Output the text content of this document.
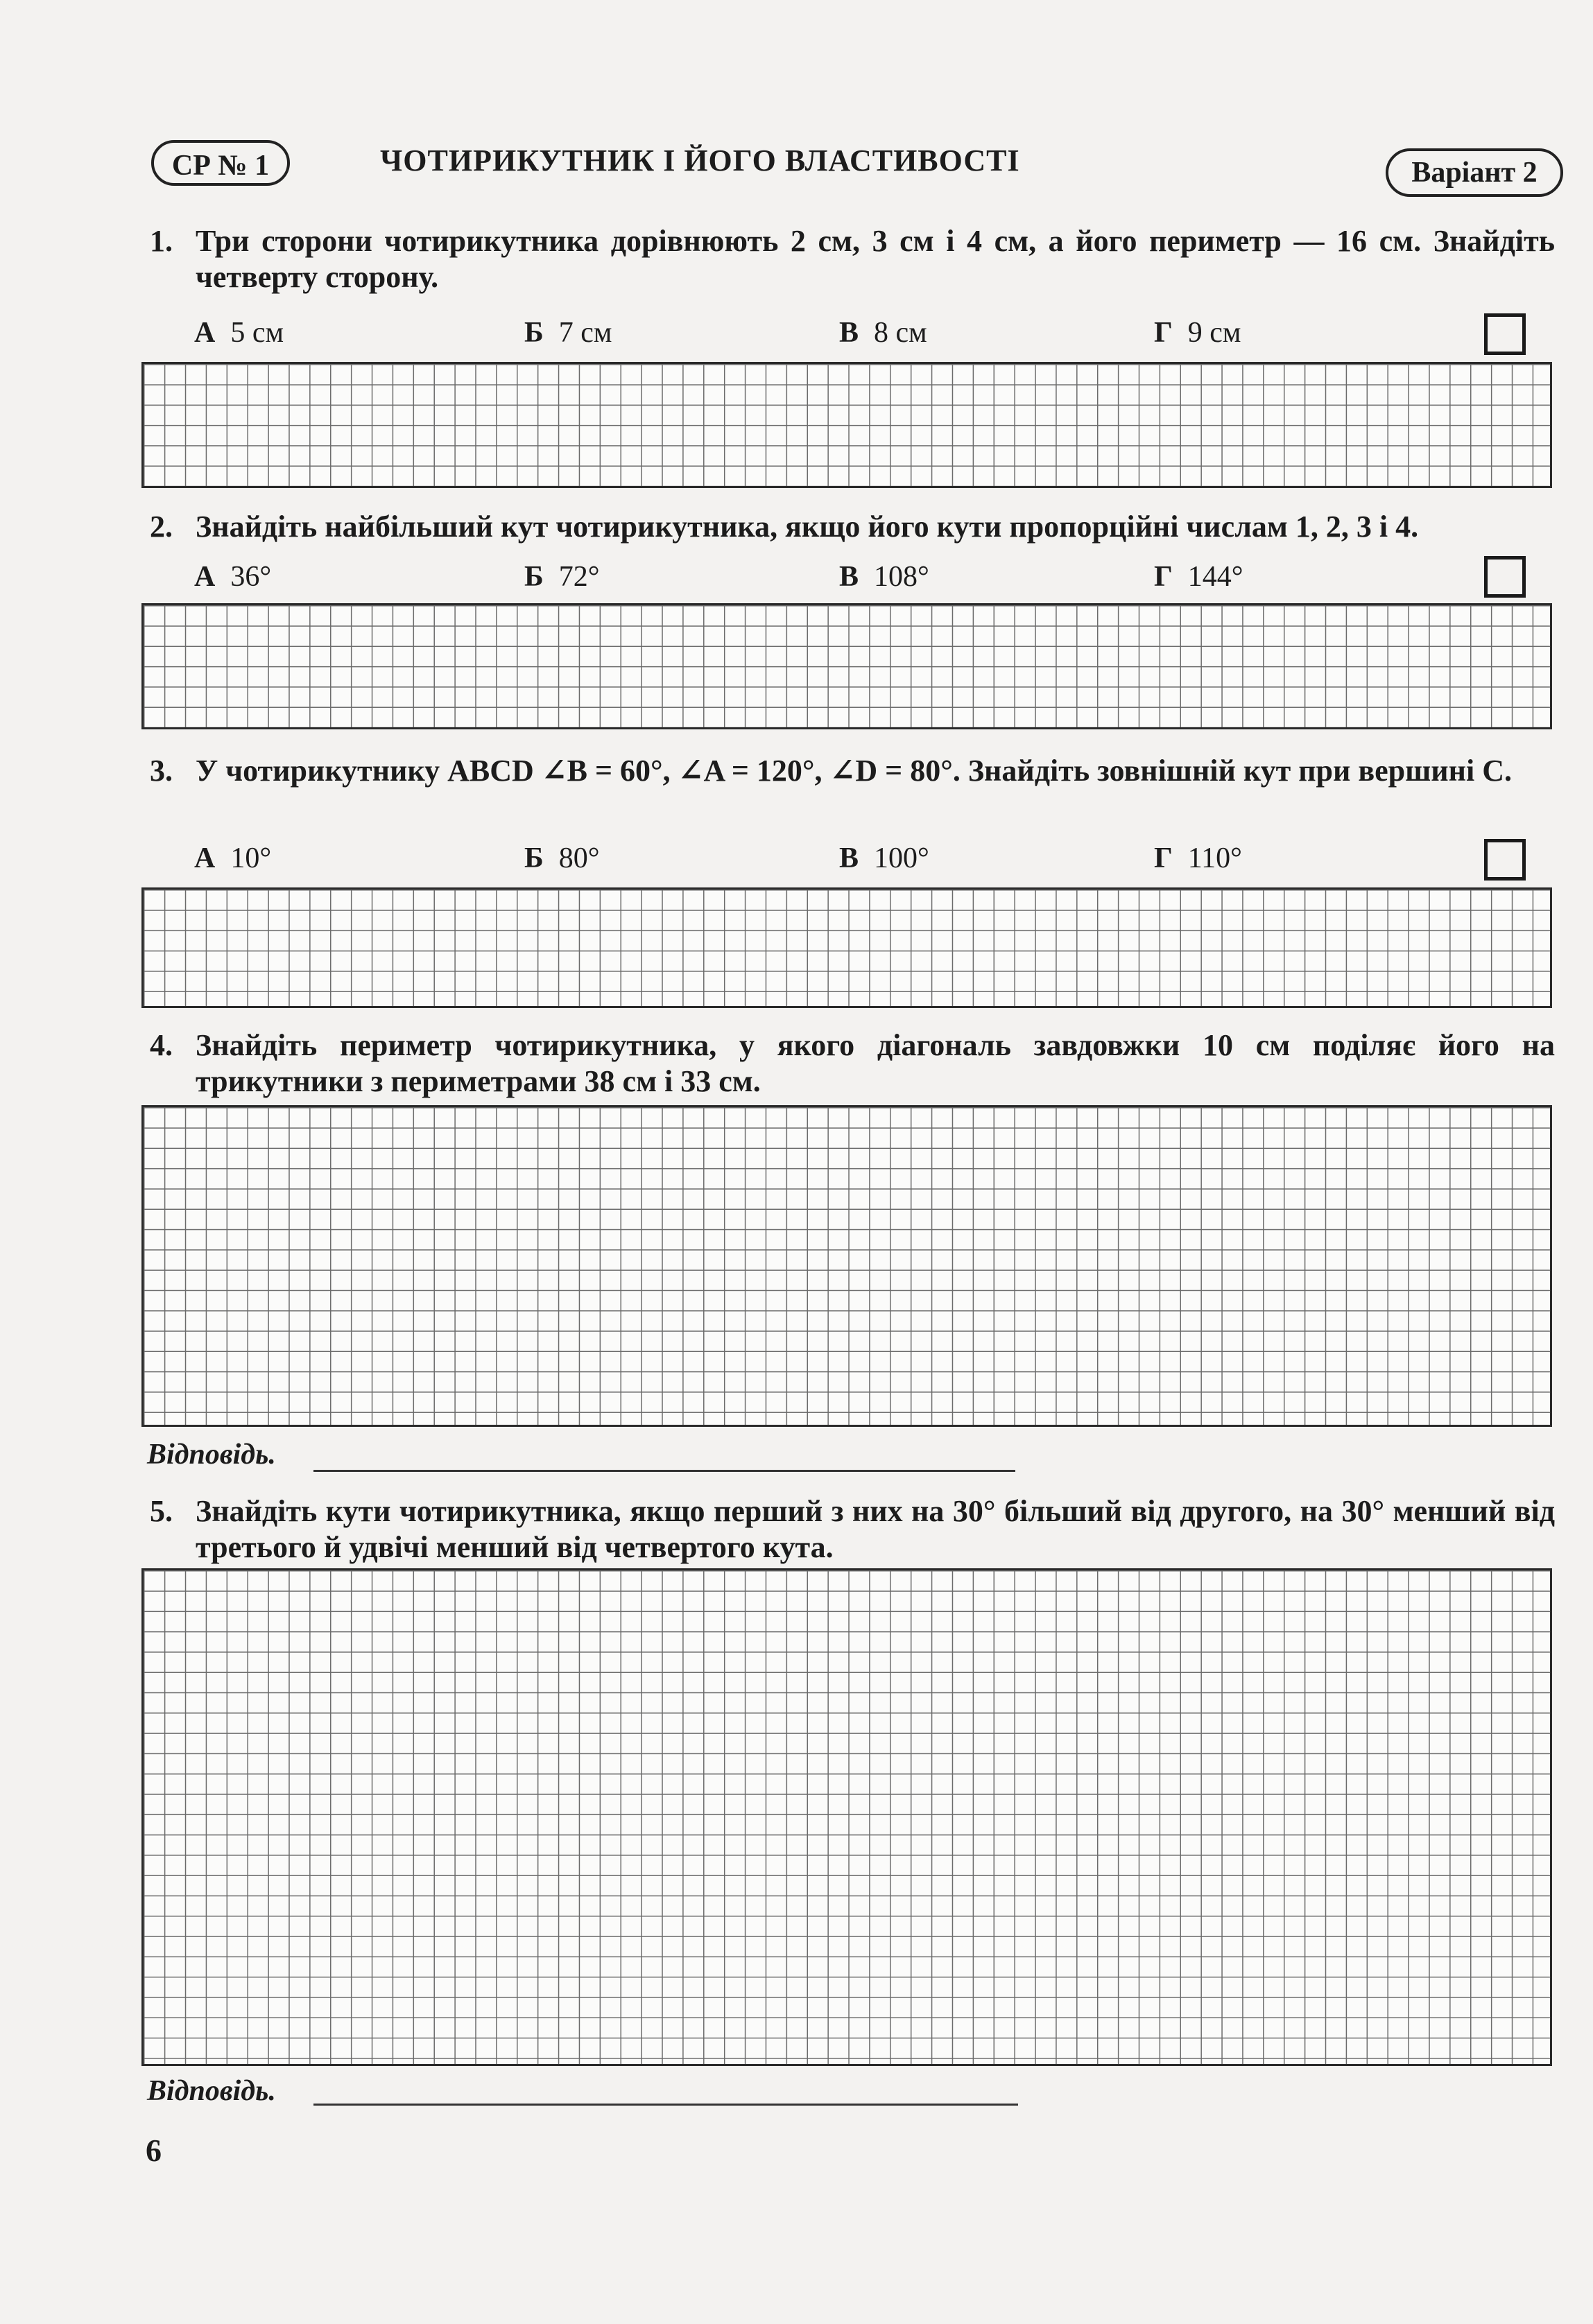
СР № 1	ЧОТИРИКУТНИК І ЙОГО ВЛАСТИВОСТІ	Варіант 2
1. Три сторони чотирикутника дорівнюють 2 см, 3 см і 4 см, а його периметр — 16 см. Знайдіть четверту сторону.
А 5 см	Б 7 см	В 8 см	Г 9 см
2. Знайдіть найбільший кут чотирикутника, якщо його кути пропорційні числам 1, 2, 3 і 4.
А 36°	Б 72°	В 108°	Г 144°
3. У чотирикутнику ABCD ∠B = 60°, ∠A = 120°, ∠D = 80°. Знайдіть зовнішній кут при вершині C.
А 10°	Б 80°	В 100°	Г 110°
4. Знайдіть периметр чотирикутника, у якого діагональ завдовжки 10 см поділяє його на трикутники з периметрами 38 см і 33 см.
Відповідь.
5. Знайдіть кути чотирикутника, якщо перший з них на 30° більший від другого, на 30° менший від третього й удвічі менший від четвертого кута.
Відповідь.
6
